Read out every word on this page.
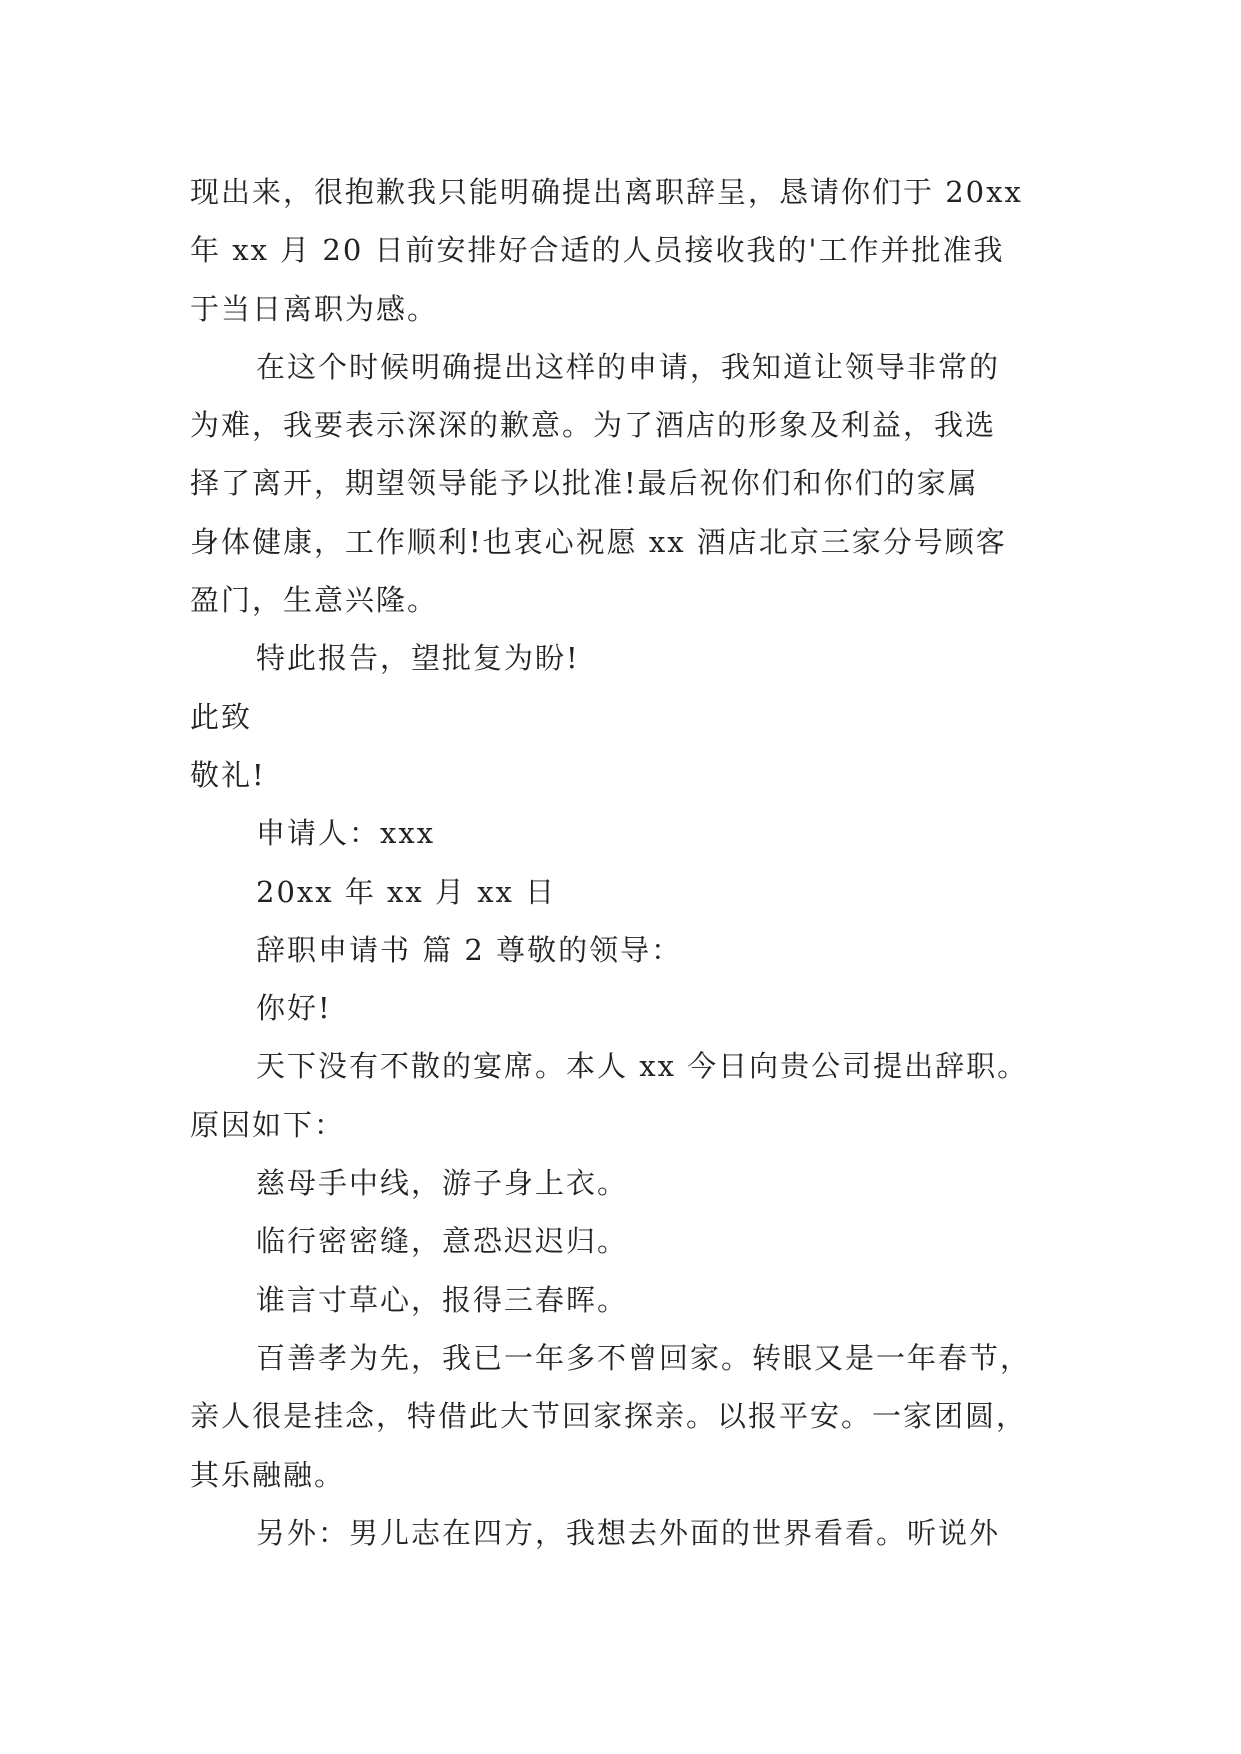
现出来，很抱歉我只能明确提出离职辞呈，恳请你们于 20xx
年 xx 月 20 日前安排好合适的人员接收我的'工作并批准我
于当日离职为感。
在这个时候明确提出这样的申请，我知道让领导非常的
为难，我要表示深深的歉意。为了酒店的形象及利益，我选
择了离开，期望领导能予以批准!最后祝你们和你们的家属
身体健康，工作顺利!也衷心祝愿 xx 酒店北京三家分号顾客
盈门，生意兴隆。
特此报告，望批复为盼!
此致
敬礼!
申请人：xxx
20xx 年 xx 月 xx 日
辞职申请书 篇 2 尊敬的领导：
你好!
天下没有不散的宴席。本人 xx 今日向贵公司提出辞职。
原因如下：
慈母手中线，游子身上衣。
临行密密缝，意恐迟迟归。
谁言寸草心，报得三春晖。
百善孝为先，我已一年多不曾回家。转眼又是一年春节，
亲人很是挂念，特借此大节回家探亲。以报平安。一家团圆，
其乐融融。
另外：男儿志在四方，我想去外面的世界看看。听说外
